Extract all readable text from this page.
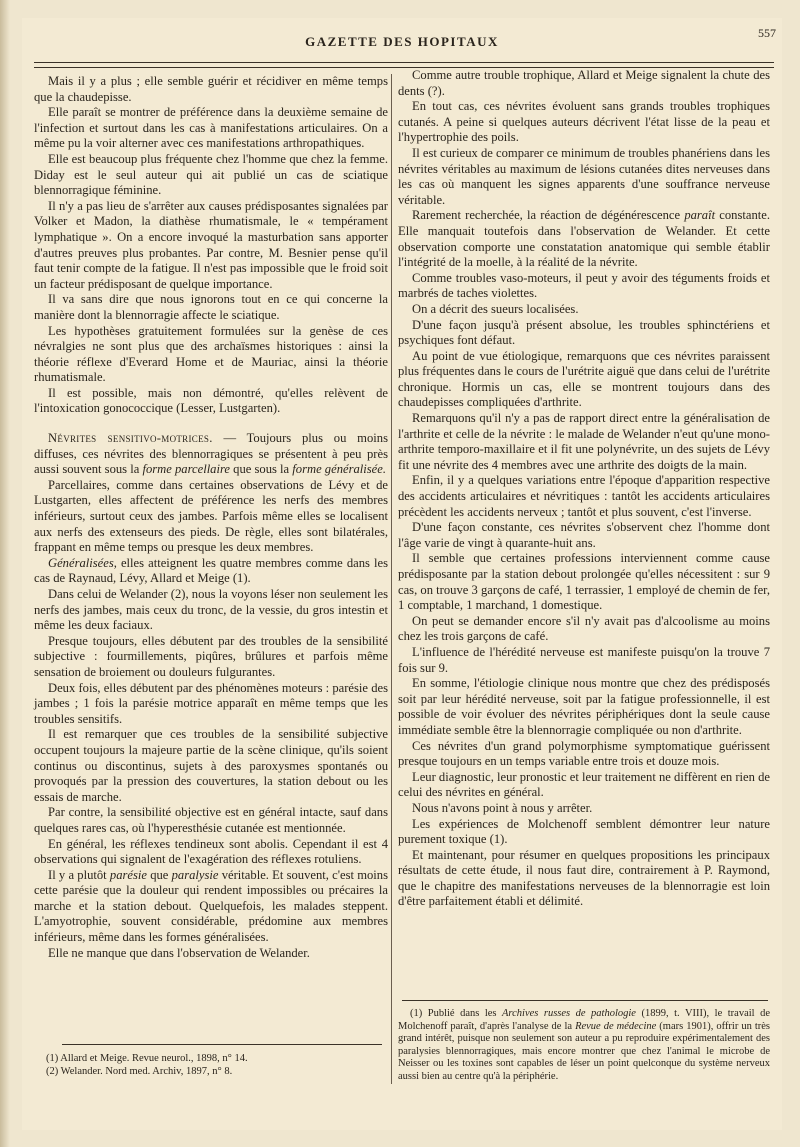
GAZETTE DES HOPITAUX
557

Mais il y a plus ; elle semble guérir et récidiver en même temps que la chaudepisse.

Elle paraît se montrer de préférence dans la deuxième semaine de l'infection et surtout dans les cas à manifestations articulaires. On a même pu la voir alterner avec ces manifestations arthropathiques.

Elle est beaucoup plus fréquente chez l'homme que chez la femme. Diday est le seul auteur qui ait publié un cas de sciatique blennorragique féminine.

Il n'y a pas lieu de s'arrêter aux causes prédisposantes signalées par Volker et Madon, la diathèse rhumatismale, le « tempérament lymphatique ». On a encore invoqué la masturbation sans apporter d'autres preuves plus probantes. Par contre, M. Besnier pense qu'il faut tenir compte de la fatigue. Il n'est pas impossible que le froid soit un facteur prédisposant de quelque importance.

Il va sans dire que nous ignorons tout en ce qui concerne la manière dont la blennorragie affecte le sciatique.

Les hypothèses gratuitement formulées sur la genèse de ces névralgies ne sont plus que des archaïsmes historiques : ainsi la théorie réflexe d'Everard Home et de Mauriac, ainsi la théorie rhumatismale.

Il est possible, mais non démontré, qu'elles relèvent de l'intoxication gonococcique (Lesser, Lustgarten).

Névrites sensitivo-motrices. — Toujours plus ou moins diffuses, ces névrites des blennorragiques se présentent à peu près aussi souvent sous la forme parcellaire que sous la forme généralisée.

Parcellaires, comme dans certaines observations de Lévy et de Lustgarten, elles affectent de préférence les nerfs des membres inférieurs, surtout ceux des jambes. Parfois même elles se localisent aux nerfs des extenseurs des pieds. De règle, elles sont bilatérales, frappant en même temps ou presque les deux membres.

Généralisées, elles atteignent les quatre membres comme dans les cas de Raynaud, Lévy, Allard et Meige (1).

Dans celui de Welander (2), nous la voyons léser non seulement les nerfs des jambes, mais ceux du tronc, de la vessie, du gros intestin et même les deux faciaux.

Presque toujours, elles débutent par des troubles de la sensibilité subjective : fourmillements, piqûres, brûlures et parfois même sensation de broiement ou douleurs fulgurantes.

Deux fois, elles débutent par des phénomènes moteurs : parésie des jambes ; 1 fois la parésie motrice apparaît en même temps que les troubles sensitifs.

Il est remarquer que ces troubles de la sensibilité subjective occupent toujours la majeure partie de la scène clinique, qu'ils soient continus ou discontinus, sujets à des paroxysmes spontanés ou provoqués par la pression des couvertures, la station debout ou les essais de marche.

Par contre, la sensibilité objective est en général intacte, sauf dans quelques rares cas, où l'hyperesthésie cutanée est mentionnée.

En général, les réflexes tendineux sont abolis. Cependant il est 4 observations qui signalent de l'exagération des réflexes rotuliens.

Il y a plutôt parésie que paralysie véritable. Et souvent, c'est moins cette parésie que la douleur qui rendent impossibles ou précaires la marche et la station debout. Quelquefois, les malades steppent. L'amyotrophie, souvent considérable, prédomine aux membres inférieurs, même dans les formes généralisées.

Elle ne manque que dans l'observation de Welander.

(1) Allard et Meige. Revue neurol., 1898, n° 14.

(2) Welander. Nord med. Archiv, 1897, n° 8.

Comme autre trouble trophique, Allard et Meige signalent la chute des dents (?).

En tout cas, ces névrites évoluent sans grands troubles trophiques cutanés. A peine si quelques auteurs décrivent l'état lisse de la peau et l'hypertrophie des poils.

Il est curieux de comparer ce minimum de troubles phanériens dans les névrites véritables au maximum de lésions cutanées dites nerveuses dans les cas où manquent les signes apparents d'une souffrance nerveuse véritable.

Rarement recherchée, la réaction de dégénérescence paraît constante. Elle manquait toutefois dans l'observation de Welander. Et cette observation comporte une constatation anatomique qui semble établir l'intégrité de la moelle, à la réalité de la névrite.

Comme troubles vaso-moteurs, il peut y avoir des téguments froids et marbrés de taches violettes.

On a décrit des sueurs localisées.

D'une façon jusqu'à présent absolue, les troubles sphinctériens et psychiques font défaut.

Au point de vue étiologique, remarquons que ces névrites paraissent plus fréquentes dans le cours de l'urétrite aiguë que dans celui de l'urétrite chronique. Hormis un cas, elle se montrent toujours dans des chaudepisses compliquées d'arthrite.

Remarquons qu'il n'y a pas de rapport direct entre la généralisation de l'arthrite et celle de la névrite : le malade de Welander n'eut qu'une mono-arthrite temporo-maxillaire et il fit une polynévrite, un des sujets de Lévy fit une névrite des 4 membres avec une arthrite des doigts de la main.

Enfin, il y a quelques variations entre l'époque d'apparition respective des accidents articulaires et névritiques : tantôt les accidents articulaires précèdent les accidents nerveux ; tantôt et plus souvent, c'est l'inverse.

D'une façon constante, ces névrites s'observent chez l'homme dont l'âge varie de vingt à quarante-huit ans.

Il semble que certaines professions interviennent comme cause prédisposante par la station debout prolongée qu'elles nécessitent : sur 9 cas, on trouve 3 garçons de café, 1 terrassier, 1 employé de chemin de fer, 1 comptable, 1 marchand, 1 domestique.

On peut se demander encore s'il n'y avait pas d'alcoolisme au moins chez les trois garçons de café.

L'influence de l'hérédité nerveuse est manifeste puisqu'on la trouve 7 fois sur 9.

En somme, l'étiologie clinique nous montre que chez des prédisposés soit par leur hérédité nerveuse, soit par la fatigue professionnelle, il est possible de voir évoluer des névrites périphériques dont la seule cause immédiate semble être la blennorragie compliquée ou non d'arthrite.

Ces névrites d'un grand polymorphisme symptomatique guérissent presque toujours en un temps variable entre trois et douze mois.

Leur diagnostic, leur pronostic et leur traitement ne diffèrent en rien de celui des névrites en général.

Nous n'avons point à nous y arrêter.

Les expériences de Molchenoff semblent démontrer leur nature purement toxique (1).

Et maintenant, pour résumer en quelques propositions les principaux résultats de cette étude, il nous faut dire, contrairement à P. Raymond, que le chapitre des manifestations nerveuses de la blennorragie est loin d'être parfaitement établi et délimité.

(1) Publié dans les Archives russes de pathologie (1899, t. VIII), le travail de Molchenoff paraît, d'après l'analyse de la Revue de médecine (mars 1901), offrir un très grand intérêt, puisque non seulement son auteur a pu reproduire expérimentalement des paralysies blennorragiques, mais encore montrer que chez l'animal le microbe de Neisser ou les toxines sont capables de léser un point quelconque du système nerveux aussi bien au centre qu'à la périphérie.
